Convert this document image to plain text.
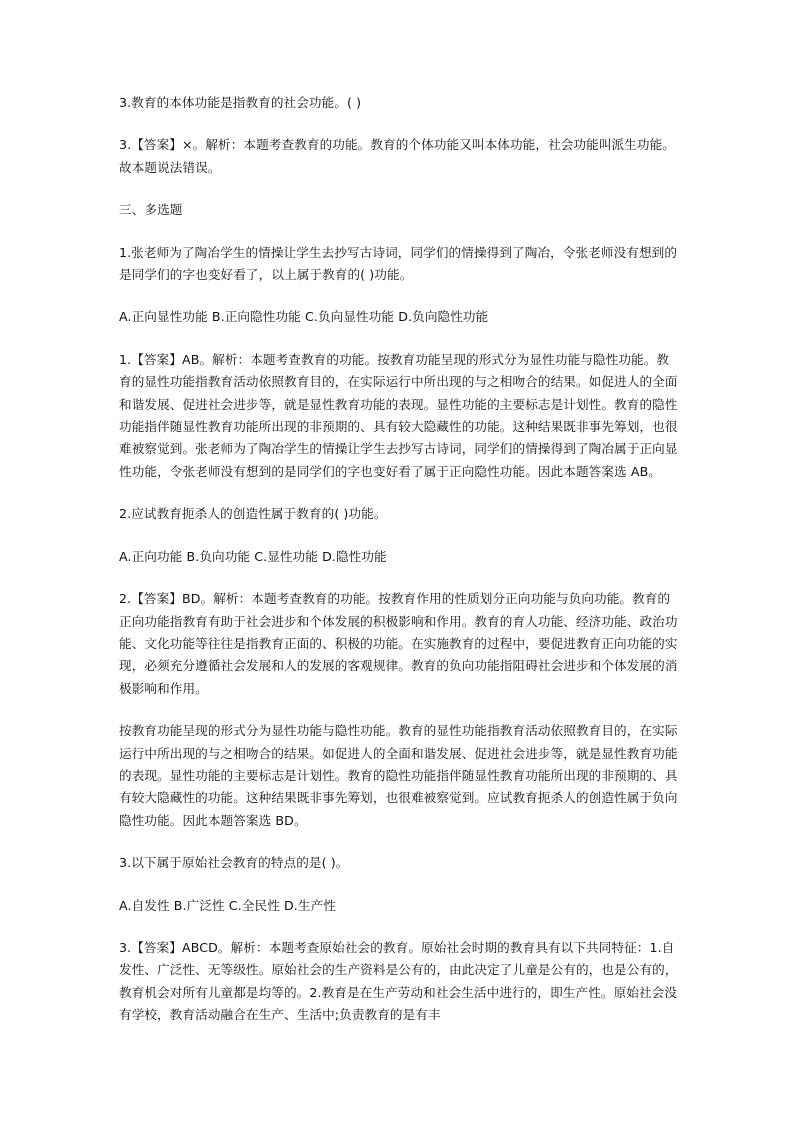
3.教育的本体功能是指教育的社会功能。( )

3.【答案】×。解析：本题考查教育的功能。教育的个体功能又叫本体功能，社会功能叫派生功能。故本题说法错误。

三、多选题

1.张老师为了陶冶学生的情操让学生去抄写古诗词，同学们的情操得到了陶冶，令张老师没有想到的是同学们的字也变好看了，以上属于教育的( )功能。

A.正向显性功能 B.正向隐性功能 C.负向显性功能 D.负向隐性功能

1.【答案】AB。解析：本题考查教育的功能。按教育功能呈现的形式分为显性功能与隐性功能。教育的显性功能指教育活动依照教育目的，在实际运行中所出现的与之相吻合的结果。如促进人的全面和谐发展、促进社会进步等，就是显性教育功能的表现。显性功能的主要标志是计划性。教育的隐性功能指伴随显性教育功能所出现的非预期的、具有较大隐藏性的功能。这种结果既非事先筹划，也很难被察觉到。张老师为了陶冶学生的情操让学生去抄写古诗词，同学们的情操得到了陶冶属于正向显性功能，令张老师没有想到的是同学们的字也变好看了属于正向隐性功能。因此本题答案选 AB。

2.应试教育扼杀人的创造性属于教育的( )功能。

A.正向功能 B.负向功能 C.显性功能 D.隐性功能

2.【答案】BD。解析：本题考查教育的功能。按教育作用的性质划分正向功能与负向功能。教育的正向功能指教育有助于社会进步和个体发展的积极影响和作用。教育的育人功能、经济功能、政治功能、文化功能等往往是指教育正面的、积极的功能。在实施教育的过程中，要促进教育正向功能的实现，必须充分遵循社会发展和人的发展的客观规律。教育的负向功能指阻碍社会进步和个体发展的消极影响和作用。

按教育功能呈现的形式分为显性功能与隐性功能。教育的显性功能指教育活动依照教育目的，在实际运行中所出现的与之相吻合的结果。如促进人的全面和谐发展、促进社会进步等，就是显性教育功能的表现。显性功能的主要标志是计划性。教育的隐性功能指伴随显性教育功能所出现的非预期的、具有较大隐藏性的功能。这种结果既非事先筹划，也很难被察觉到。应试教育扼杀人的创造性属于负向隐性功能。因此本题答案选 BD。

3.以下属于原始社会教育的特点的是( )。

A.自发性 B.广泛性 C.全民性 D.生产性

3.【答案】ABCD。解析：本题考查原始社会的教育。原始社会时期的教育具有以下共同特征：1.自发性、广泛性、无等级性。原始社会的生产资料是公有的，由此决定了儿童是公有的，也是公有的，教育机会对所有儿童都是均等的。2.教育是在生产劳动和社会生活中进行的，即生产性。原始社会没有学校，教育活动融合在生产、生活中;负责教育的是有丰
